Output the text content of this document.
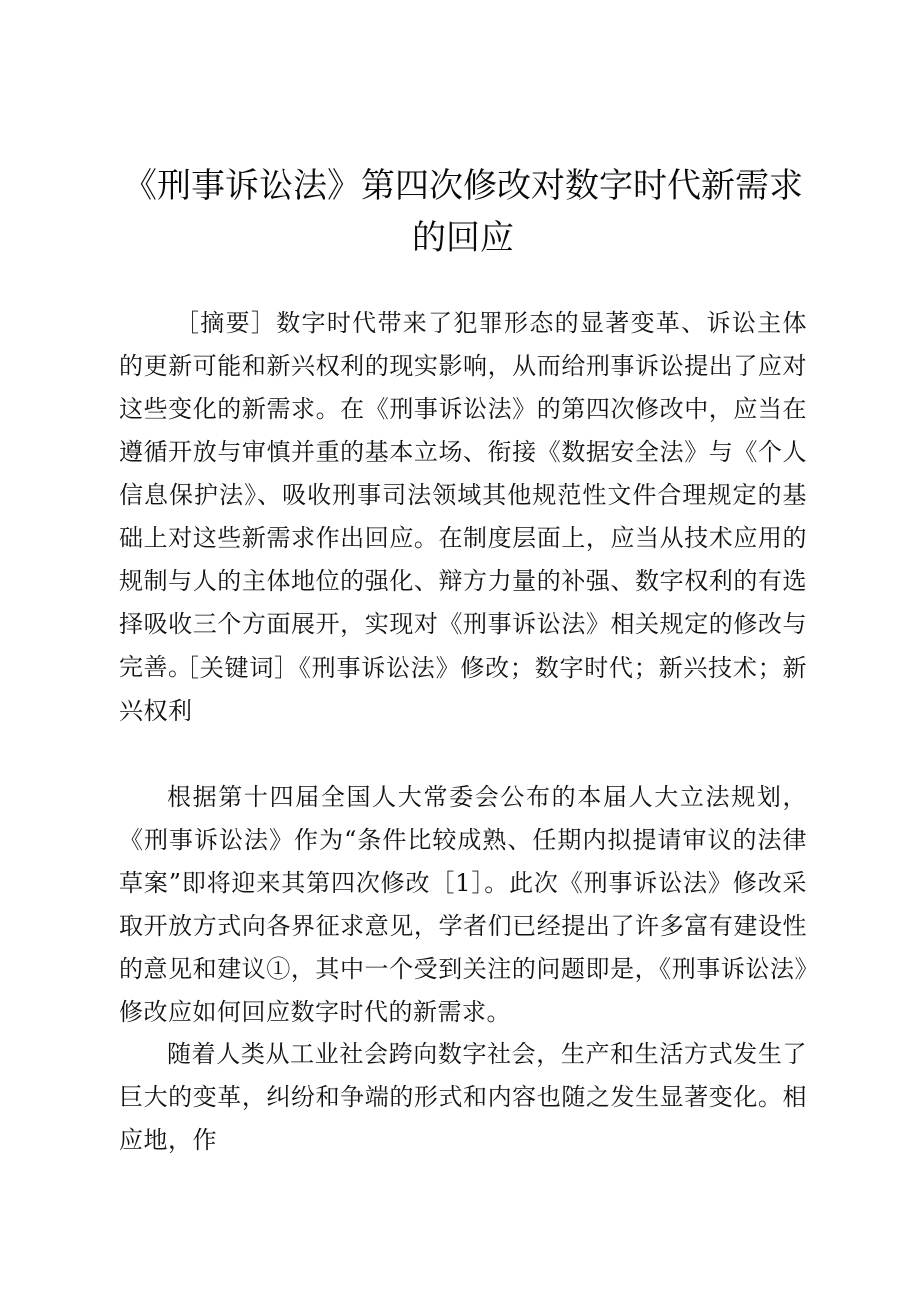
《刑事诉讼法》第四次修改对数字时代新需求的回应
［摘要］数字时代带来了犯罪形态的显著变革、诉讼主体的更新可能和新兴权利的现实影响，从而给刑事诉讼提出了应对这些变化的新需求。在《刑事诉讼法》的第四次修改中，应当在遵循开放与审慎并重的基本立场、衔接《数据安全法》与《个人信息保护法》、吸收刑事司法领域其他规范性文件合理规定的基础上对这些新需求作出回应。在制度层面上，应当从技术应用的规制与人的主体地位的强化、辩方力量的补强、数字权利的有选择吸收三个方面展开，实现对《刑事诉讼法》相关规定的修改与完善。
［关键词］《刑事诉讼法》修改；数字时代；新兴技术；新兴权利
根据第十四届全国人大常委会公布的本届人大立法规划，《刑事诉讼法》作为“条件比较成熟、任期内拟提请审议的法律草案”即将迎来其第四次修改［1］。此次《刑事诉讼法》修改采取开放方式向各界征求意见，学者们已经提出了许多富有建设性的意见和建议①，其中一个受到关注的问题即是，《刑事诉讼法》修改应如何回应数字时代的新需求。
随着人类从工业社会跨向数字社会，生产和生活方式发生了巨大的变革，纠纷和争端的形式和内容也随之发生显著变化。相应地，作
